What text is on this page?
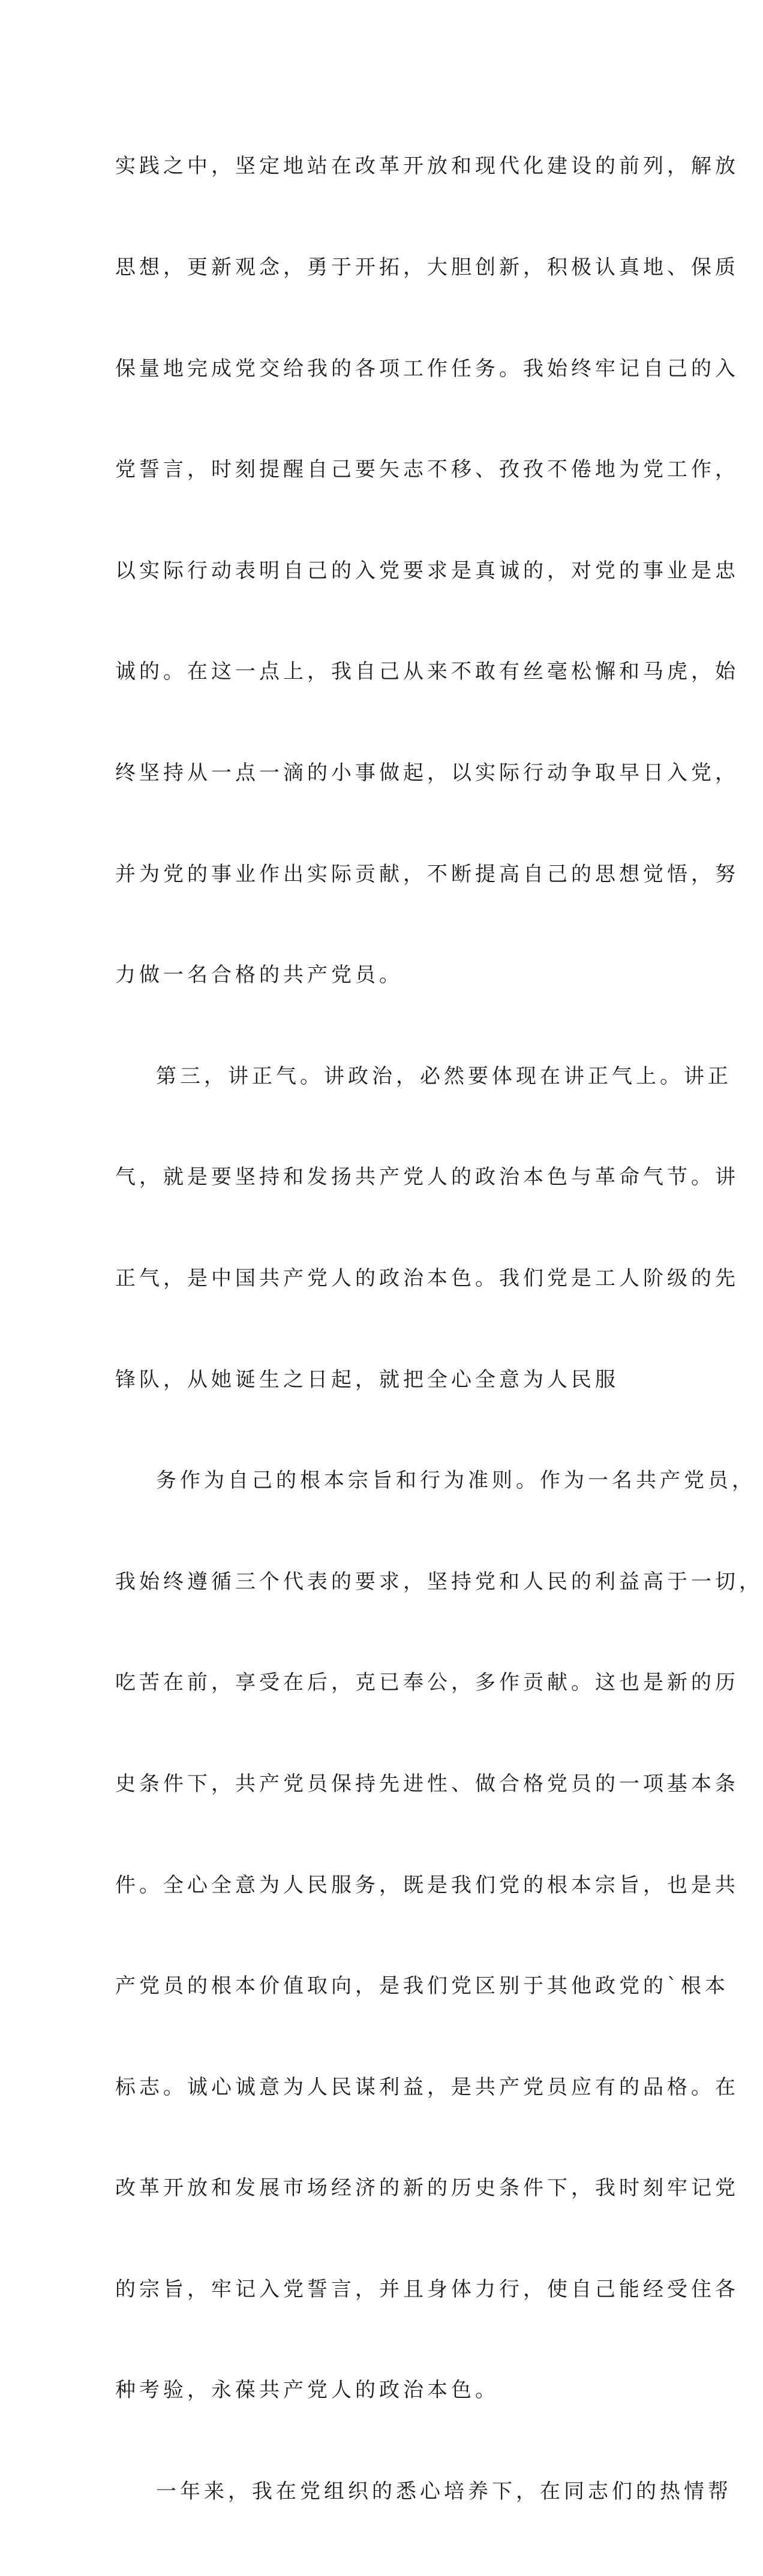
实践之中，坚定地站在改革开放和现代化建设的前列，解放

思想，更新观念，勇于开拓，大胆创新，积极认真地、保质

保量地完成党交给我的各项工作任务。我始终牢记自己的入

党誓言，时刻提醒自己要矢志不移、孜孜不倦地为党工作，

以实际行动表明自己的入党要求是真诚的，对党的事业是忠

诚的。在这一点上，我自己从来不敢有丝毫松懈和马虎，始

终坚持从一点一滴的小事做起，以实际行动争取早日入党，

并为党的事业作出实际贡献，不断提高自己的思想觉悟，努

力做一名合格的共产党员。

第三，讲正气。讲政治，必然要体现在讲正气上。讲正

气，就是要坚持和发扬共产党人的政治本色与革命气节。讲

正气，是中国共产党人的政治本色。我们党是工人阶级的先

锋队，从她诞生之日起，就把全心全意为人民服

务作为自己的根本宗旨和行为准则。作为一名共产党员，

我始终遵循三个代表的要求，坚持党和人民的利益高于一切，

吃苦在前，享受在后，克已奉公，多作贡献。这也是新的历

史条件下，共产党员保持先进性、做合格党员的一项基本条

件。全心全意为人民服务，既是我们党的根本宗旨，也是共

产党员的根本价值取向，是我们党区别于其他政党的`根本

标志。诚心诚意为人民谋利益，是共产党员应有的品格。在

改革开放和发展市场经济的新的历史条件下，我时刻牢记党

的宗旨，牢记入党誓言，并且身体力行，使自己能经受住各

种考验，永葆共产党人的政治本色。

一年来，我在党组织的悉心培养下，在同志们的热情帮
